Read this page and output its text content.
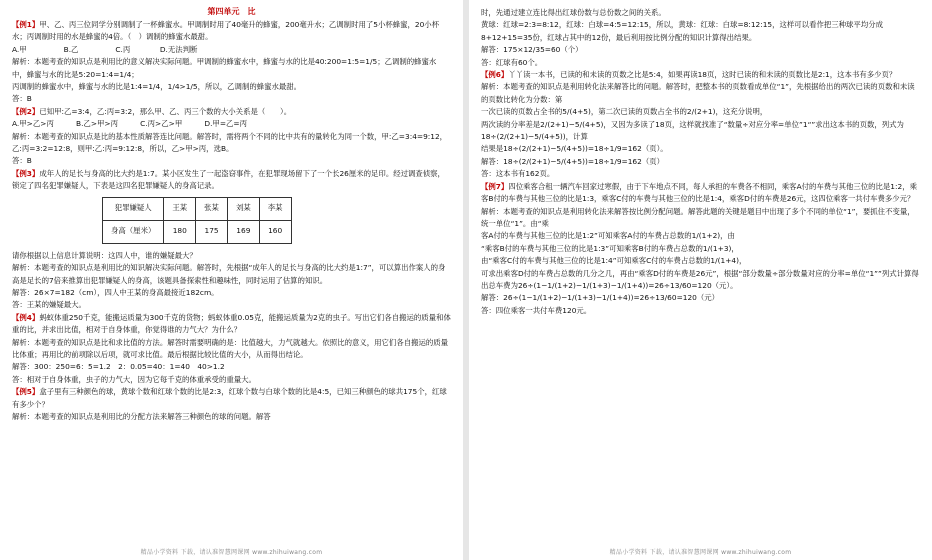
第四单元　比

【例1】甲、乙、丙三位同学分别调制了一杯蜂蜜水。甲调制时用了40毫升的蜂蜜，200毫升水；乙调制时用了5小杯蜂蜜，20小杯水；丙调制时用的水是蜂蜜的4倍。（　）调制的蜂蜜水最甜。

A.甲　　　　　B.乙　　　　　C.丙　　　　D.无法判断

解析：本题考查的知识点是利用比的意义解决实际问题。甲调制的蜂蜜水中，蜂蜜与水的比是40:200=1:5=1/5；乙调制的蜂蜜水中，蜂蜜与水的比是5:20=1:4=1/4；

丙调制的蜂蜜水中，蜂蜜与水的比是1:4=1/4，1/4>1/5，所以，乙调制的蜂蜜水最甜。

答：B

【例2】已知甲:乙=3:4，乙:丙=3:2，那么甲、乙、丙三个数的大小关系是（　　）。

A.甲>乙>丙　　　B.乙>甲>丙　　　C.丙>乙>甲　　　D.甲=乙=丙

解析：本题考查的知识点是比的基本性质解答连比问题。解答时，需将两个不同的比中共有的量转化为同一个数，甲:乙=3:4=9:12，乙:丙=3:2=12:8，则甲:乙:丙=9:12:8，所以，乙>甲>丙，选B。

答：B

【例3】成年人的足长与身高的比大约是1:7。某小区发生了一起盗窃事件，在犯罪现场留下了一个长26厘米的足印。经过调查侦察，锁定了四名犯罪嫌疑人，下表是这四名犯罪嫌疑人的身高记录。

犯罪嫌疑人	王某	张某	刘某	李某
身高（厘米）	180	175	169	160

请你根据以上信息计算说明：这四人中，谁的嫌疑最大？

解析：本题考查的知识点是利用比的知识解决实际问题。解答时，先根据“成年人的足长与身高的比大约是1:7”，可以算出作案人的身高是足长的7倍来推算出犯罪嫌疑人的身高，该题具备探索性和趣味性，同时运用了估算的知识。

解答：26×7=182（cm），四人中王某的身高最接近182cm。

答：王某的嫌疑最大。

【例4】蚂蚁体重250千克，能搬运质量为300千克的货物；蚂蚁体重0.05克，能搬运质量为2克的虫子。写出它们各自搬运的质量和体重的比，并求出比值，相对于自身体重，你觉得谁的力气大？为什么？

解析：本题考查的知识点是比和求比值的方法。解答时需要明确的是：比值越大，力气就越大。依照比的意义，用它们各自搬运的质量比体重；再用比的前项除以后项，就可求比值。最后根据比较比值的大小，从而得出结论。

解答：300：250=6：5=1.2　2：0.05=40：1=40　40>1.2

答：相对于自身体重，虫子的力气大，因为它每千克的体重承受的重量大。

【例5】盒子里有三种颜色的球，黄球个数和红球个数的比是2:3，红球个数与白球个数的比是4:5，已知三种颜色的球共175个，红球有多少个？

解析：本题考查的知识点是利用比的分配方法来解答三种颜色的球的问题。解答

精品小学资料 下载，请认准智慧网课网 www.zhihuiwang.com

时，先通过建立连比得出红球份数与总份数之间的关系。

黄球：红球=2:3=8:12，红球：白球=4:5=12:15，所以，黄球：红球：白球=8:12:15，这样可以看作把三种球平均分成8+12+15=35份，红球占其中的12份，最后利用按比例分配的知识计算得出结果。

解答：175×12/35=60（个）

答：红球有60个。

【例6】丫丫读一本书，已读的和未读的页数之比是5:4，如果再读18页，这时已读的和未读的页数比是2:1，这本书有多少页？

解析：本题考查的知识点是利用转化法来解答比的问题。解答时，把整本书的页数看成单位“1”，先根据给出的两次已读的页数和未读的页数比转化为分数：第

一次已读的页数占全书的5/(4+5)，第二次已读的页数占全书的2/(2+1)，这充分说明，

两次读的分率差是2/(2+1)−5/(4+5)，又因为多读了18页，这样就找准了“数量÷对应分率=单位”1“”求出这本书的页数，列式为18÷(2/(2+1)−5/(4+5))，计算

结果是18÷(2/(2+1)−5/(4+5))=18÷1/9=162（页）。

解答：18÷(2/(2+1)−5/(4+5))=18÷1/9=162（页）

答：这本书有162页。

【例7】四位乘客合租一辆汽车回家过寒假，由于下车地点不同，每人承担的车费各不相同，乘客A付的车费与其他三位的比是1:2，乘客B付的车费与其他三位的比是1:3，乘客C付的车费与其他三位的比是1:4，乘客D付的车费是26元，这四位乘客一共付车费多少元？

解析：本题考查的知识点是利用转化法来解答按比例分配问题。解答此题的关键是题目中出现了多个不同的单位“1”，要抓住不变量，统一单位“1”。由“乘

客A付的车费与其他三位的比是1:2”可知乘客A付的车费占总数的1/(1+2)，由

“乘客B付的车费与其他三位的比是1:3”可知乘客B付的车费占总数的1/(1+3)，

由“乘客C付的车费与其他三位的比是1:4”可知乘客C付的车费占总数的1/(1+4)，

可求出乘客D付的车费占总数的几分之几，再由“乘客D付的车费是26元”，根据“部分数量÷部分数量对应的分率=单位“1””列式计算得出总车费为26÷(1−1/(1+2)−1/(1+3)−1/(1+4))=26÷13/60=120（元）。

解答：26÷(1−1/(1+2)−1/(1+3)−1/(1+4))=26÷13/60=120（元）

答：四位乘客一共付车费120元。

精品小学资料 下载，请认准智慧网课网 www.zhihuiwang.com
